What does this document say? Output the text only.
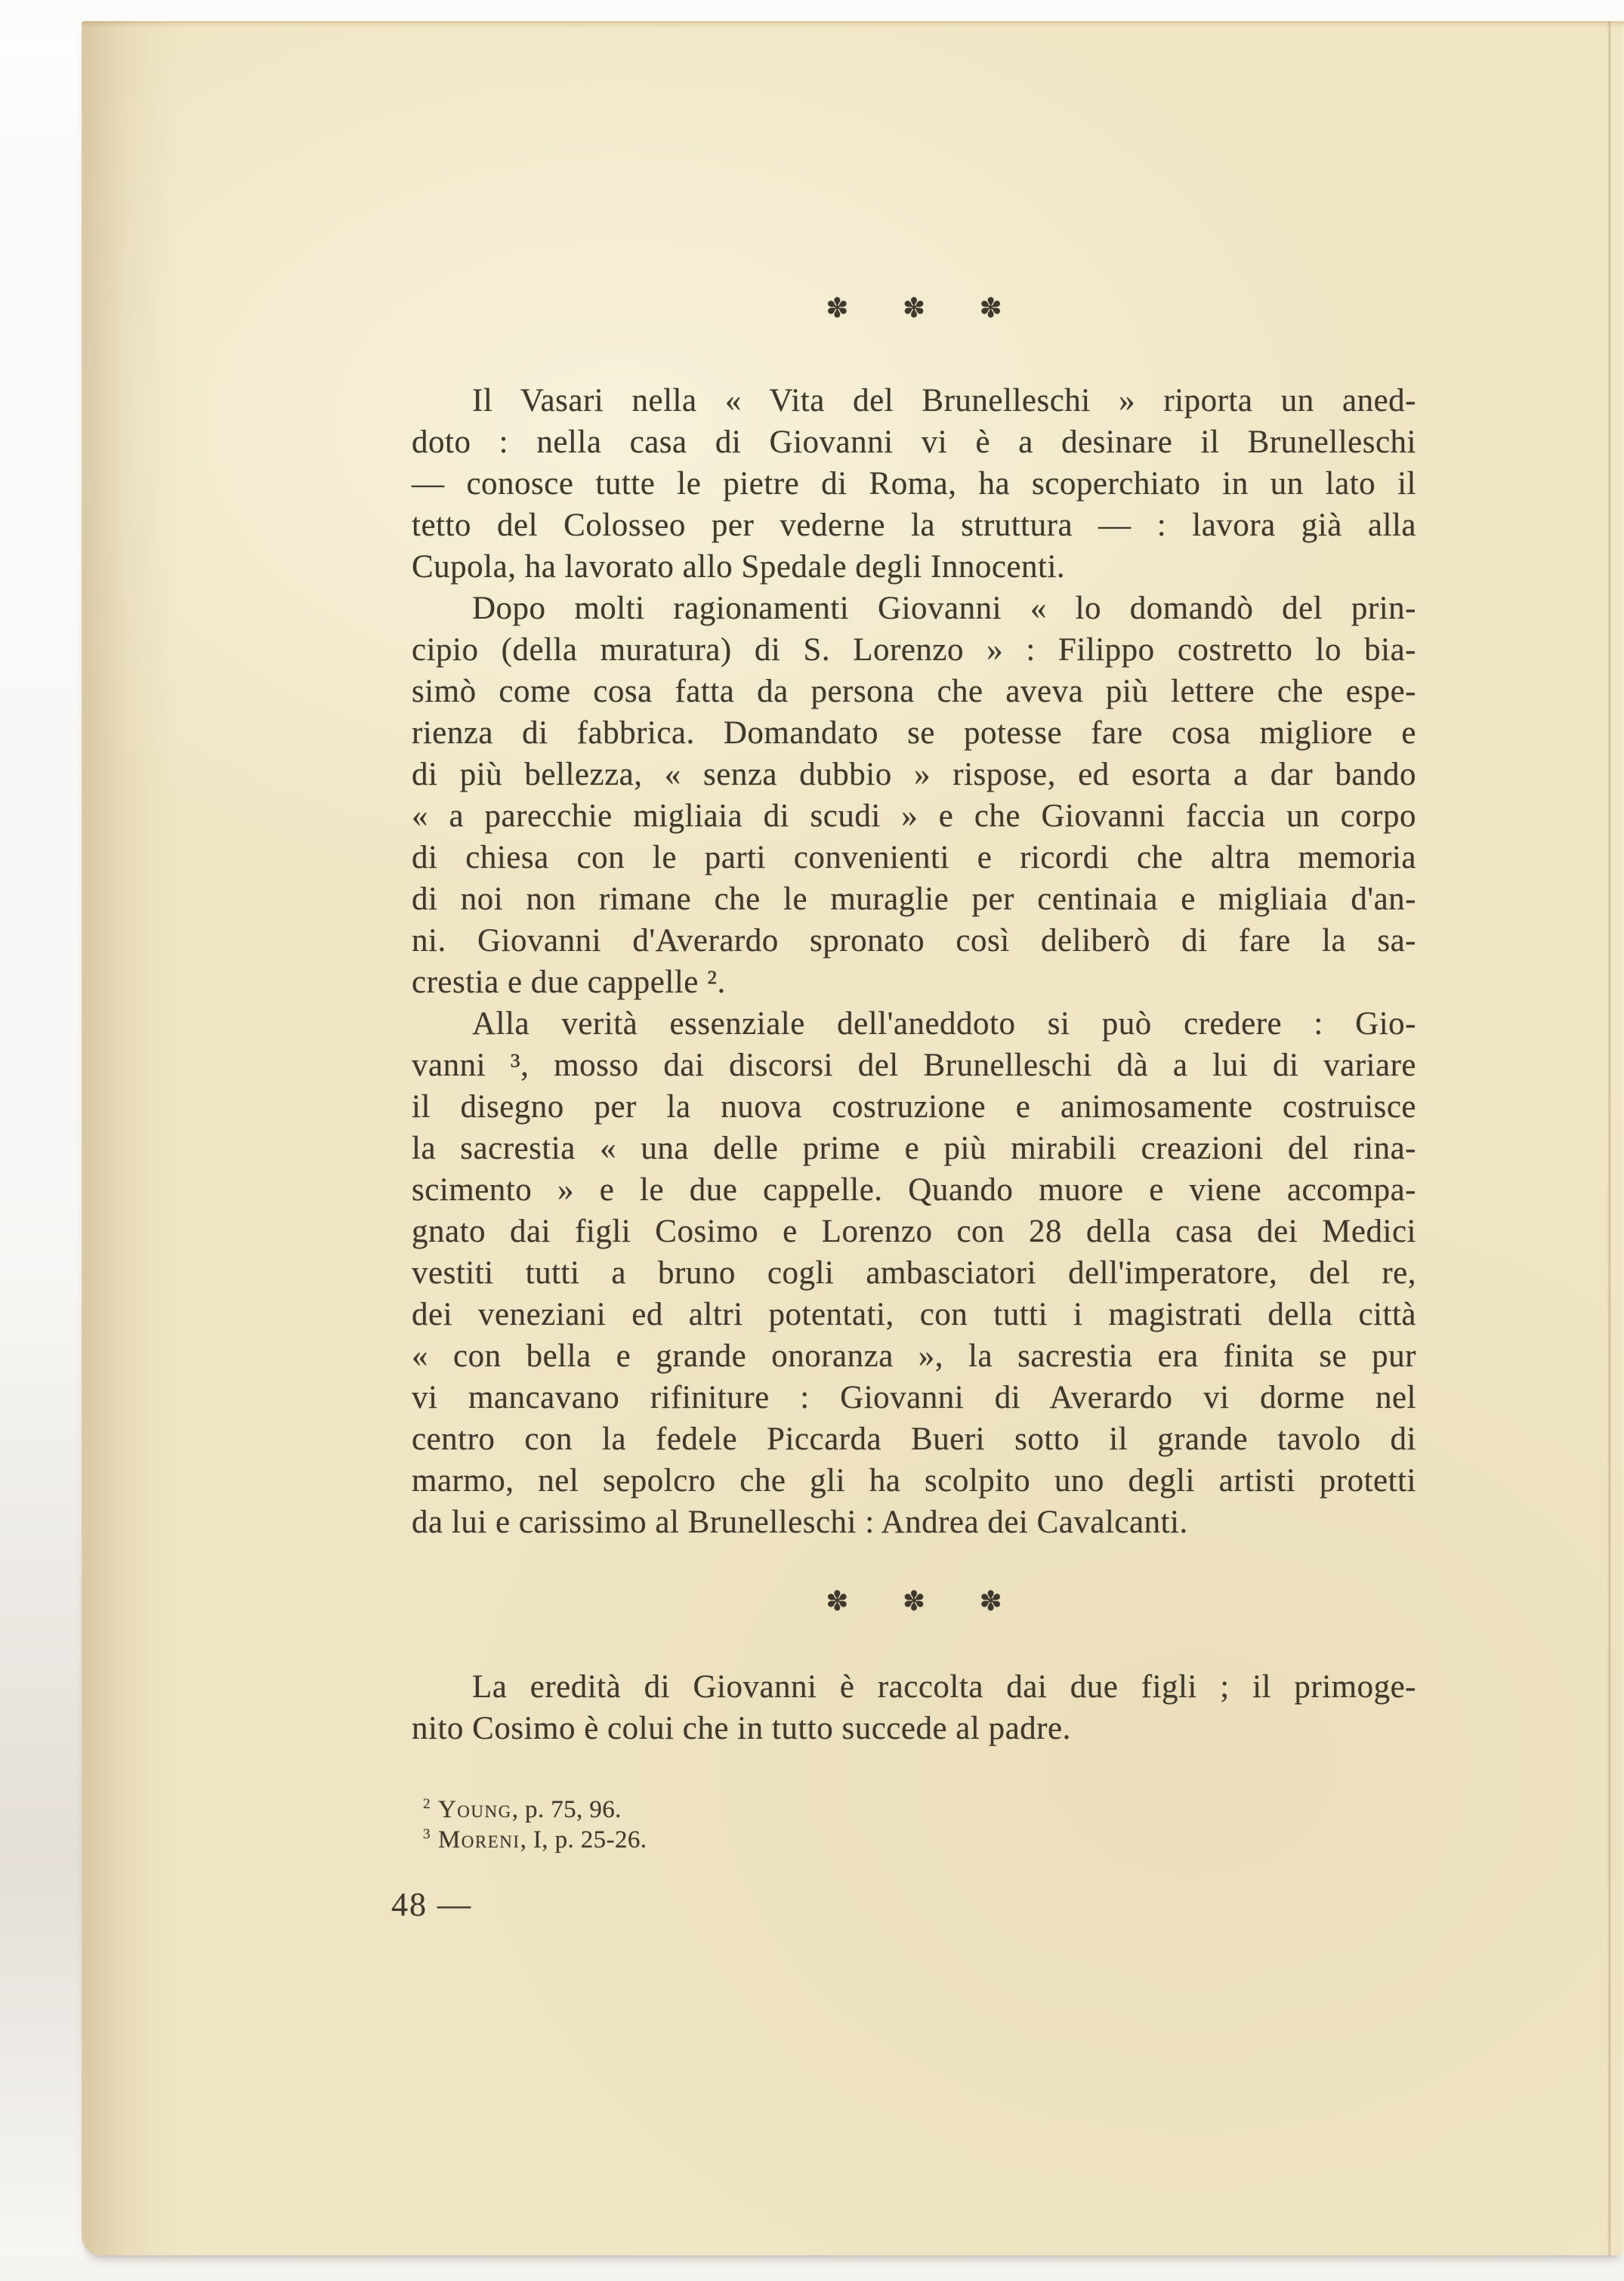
✽ ✽ ✽
Il Vasari nella « Vita del Brunelleschi » riporta un aned-
doto : nella casa di Giovanni vi è a desinare il Brunelleschi
— conosce tutte le pietre di Roma, ha scoperchiato in un lato il
tetto del Colosseo per vederne la struttura — : lavora già alla
Cupola, ha lavorato allo Spedale degli Innocenti.
Dopo molti ragionamenti Giovanni « lo domandò del prin-
cipio (della muratura) di S. Lorenzo » : Filippo costretto lo bia-
simò come cosa fatta da persona che aveva più lettere che espe-
rienza di fabbrica. Domandato se potesse fare cosa migliore e
di più bellezza, « senza dubbio » rispose, ed esorta a dar bando
« a parecchie migliaia di scudi » e che Giovanni faccia un corpo
di chiesa con le parti convenienti e ricordi che altra memoria
di noi non rimane che le muraglie per centinaia e migliaia d'an-
ni. Giovanni d'Averardo spronato così deliberò di fare la sa-
crestia e due cappelle ².
Alla verità essenziale dell'aneddoto si può credere : Gio-
vanni ³, mosso dai discorsi del Brunelleschi dà a lui di variare
il disegno per la nuova costruzione e animosamente costruisce
la sacrestia « una delle prime e più mirabili creazioni del rina-
scimento » e le due cappelle. Quando muore e viene accompa-
gnato dai figli Cosimo e Lorenzo con 28 della casa dei Medici
vestiti tutti a bruno cogli ambasciatori dell'imperatore, del re,
dei veneziani ed altri potentati, con tutti i magistrati della città
« con bella e grande onoranza », la sacrestia era finita se pur
vi mancavano rifiniture : Giovanni di Averardo vi dorme nel
centro con la fedele Piccarda Bueri sotto il grande tavolo di
marmo, nel sepolcro che gli ha scolpito uno degli artisti protetti
da lui e carissimo al Brunelleschi : Andrea dei Cavalcanti.
✽ ✽ ✽
La eredità di Giovanni è raccolta dai due figli ; il primoge-
nito Cosimo è colui che in tutto succede al padre.
$^2$ Young, p. 75, 96.
$^3$ Moreni, I, p. 25-26.
48 —
